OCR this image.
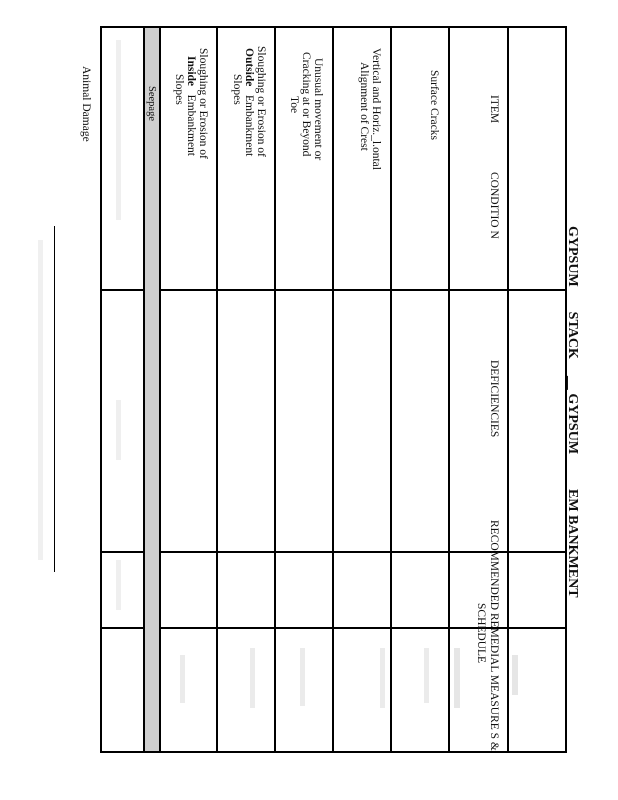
GYPSUM  STACK       GYPSUM  EM BANKMENT
ITEM
CONDITIO N
DEFICIENCIES
RECOMMENDED REMEDIAL MEASURE S &
SCHEDULE
Surface Cracks
Vertical and Horiz._l.ontal
Alignment of Crest
Unusual movement or
Cracking at or Beyond
Toe
Sloughing or Erosion of
Outside   Embankment
Slopes
Sloughing or Erosion of
Inside   Embankment
Slopes
Seepage
Animal Damage
